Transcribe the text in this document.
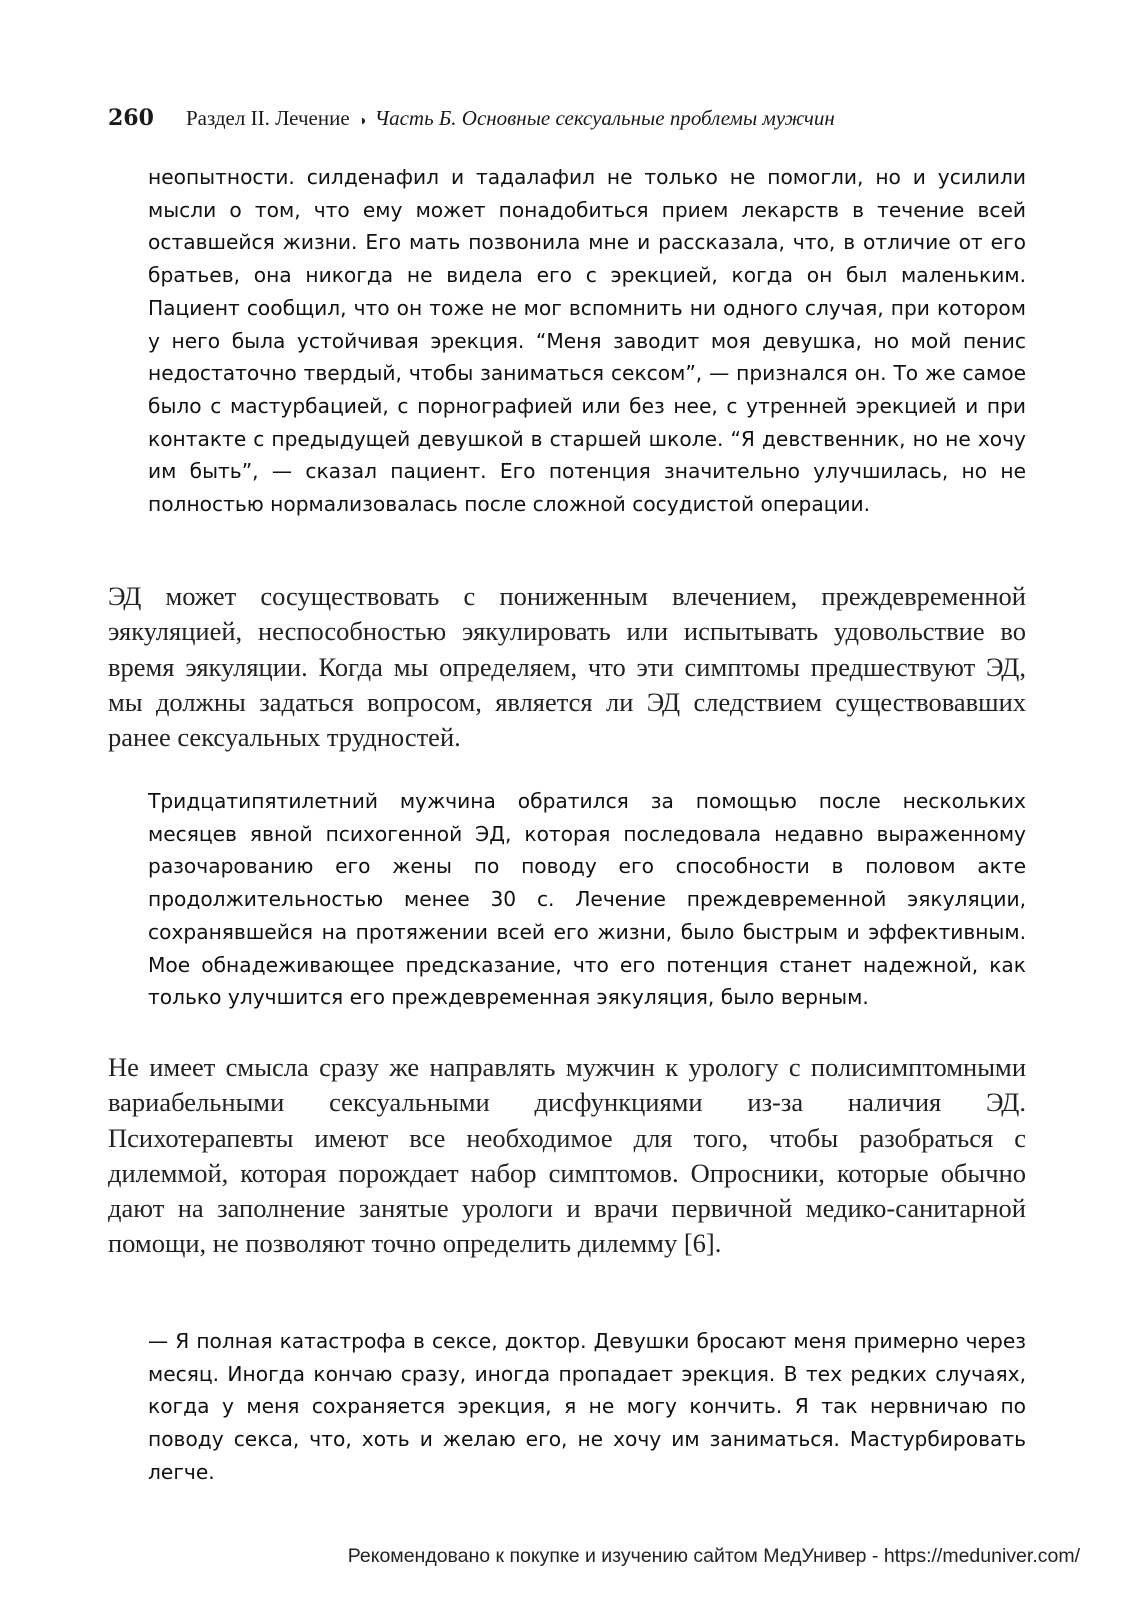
260 Раздел II. Лечение ◑ Часть Б. Основные сексуальные проблемы мужчин

неопытности. силденафил и тадалафил не только не помогли, но и усилили мысли о том, что ему может понадобиться прием лекарств в течение всей оставшейся жизни. Его мать позвонила мне и рассказала, что, в отличие от его братьев, она никогда не видела его с эрекцией, когда он был маленьким. Пациент сообщил, что он тоже не мог вспомнить ни одного случая, при котором у него была устойчивая эрекция. “Меня заводит моя девушка, но мой пенис недостаточно твердый, чтобы заниматься сексом”, — признался он. То же самое было с мастурбацией, с порнографией или без нее, с утренней эрекцией и при контакте с предыдущей девушкой в старшей школе. “Я девственник, но не хочу им быть”, — сказал пациент. Его потенция значительно улучшилась, но не полностью нормализовалась после сложной сосудистой операции.

ЭД может сосуществовать с пониженным влечением, преждевременной эякуляцией, неспособностью эякулировать или испытывать удовольствие во время эякуляции. Когда мы определяем, что эти симптомы предшествуют ЭД, мы должны задаться вопросом, является ли ЭД следствием существовавших ранее сексуальных трудностей.

Тридцатипятилетний мужчина обратился за помощью после нескольких месяцев явной психогенной ЭД, которая последовала недавно выраженному разочарованию его жены по поводу его способности в половом акте продолжительностью менее 30 с. Лечение преждевременной эякуляции, сохранявшейся на протяжении всей его жизни, было быстрым и эффективным. Мое обнадеживающее предсказание, что его потенция станет надежной, как только улучшится его преждевременная эякуляция, было верным.

Не имеет смысла сразу же направлять мужчин к урологу с полисимптомными вариабельными сексуальными дисфункциями из-за наличия ЭД. Психотерапевты имеют все необходимое для того, чтобы разобраться с дилеммой, которая порождает набор симптомов. Опросники, которые обычно дают на заполнение занятые урологи и врачи первичной медико-санитарной помощи, не позволяют точно определить дилемму [6].

— Я полная катастрофа в сексе, доктор. Девушки бросают меня примерно через месяц. Иногда кончаю сразу, иногда пропадает эрекция. В тех редких случаях, когда у меня сохраняется эрекция, я не могу кончить. Я так нервничаю по поводу секса, что, хоть и желаю его, не хочу им заниматься. Мастурбировать легче.

Рекомендовано к покупке и изучению сайтом МедУнивер - https://meduniver.com/
